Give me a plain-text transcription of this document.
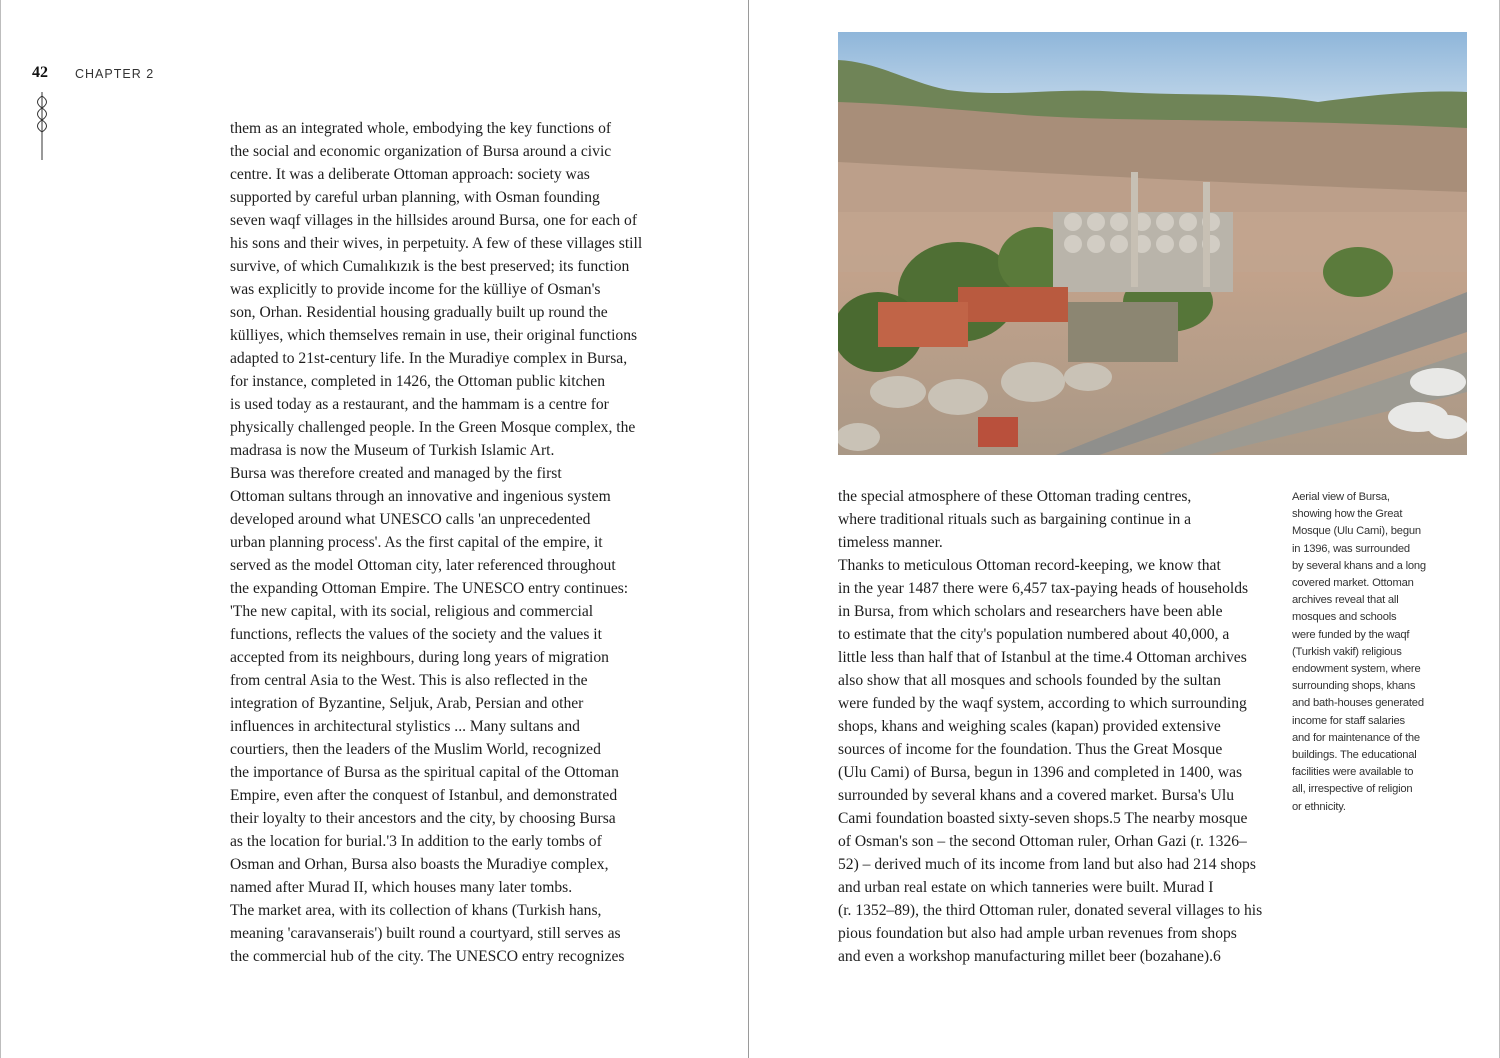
42 CHAPTER 2

them as an integrated whole, embodying the key functions of

the social and economic organization of Bursa around a civic

centre. It was a deliberate Ottoman approach: society was

supported by careful urban planning, with Osman founding

seven waqf villages in the hillsides around Bursa, one for each of

his sons and their wives, in perpetuity. A few of these villages still

survive, of which Cumalıkızık is the best preserved; its function

was explicitly to provide income for the külliye of Osman's

son, Orhan. Residential housing gradually built up round the

külliyes, which themselves remain in use, their original functions

adapted to 21st-century life. In the Muradiye complex in Bursa,

for instance, completed in 1426, the Ottoman public kitchen

is used today as a restaurant, and the hammam is a centre for

physically challenged people. In the Green Mosque complex, the

madrasa is now the Museum of Turkish Islamic Art.

Bursa was therefore created and managed by the first

Ottoman sultans through an innovative and ingenious system

developed around what UNESCO calls 'an unprecedented

urban planning process'. As the first capital of the empire, it

served as the model Ottoman city, later referenced throughout

the expanding Ottoman Empire. The UNESCO entry continues:

'The new capital, with its social, religious and commercial

functions, reflects the values of the society and the values it

accepted from its neighbours, during long years of migration

from central Asia to the West. This is also reflected in the

integration of Byzantine, Seljuk, Arab, Persian and other

influences in architectural stylistics ... Many sultans and

courtiers, then the leaders of the Muslim World, recognized

the importance of Bursa as the spiritual capital of the Ottoman

Empire, even after the conquest of Istanbul, and demonstrated

their loyalty to their ancestors and the city, by choosing Bursa

as the location for burial.'3 In addition to the early tombs of

Osman and Orhan, Bursa also boasts the Muradiye complex,

named after Murad II, which houses many later tombs.

The market area, with its collection of khans (Turkish hans,

meaning 'caravanserais') built round a courtyard, still serves as

the commercial hub of the city. The UNESCO entry recognizes

the special atmosphere of these Ottoman trading centres,

where traditional rituals such as bargaining continue in a

timeless manner.

Thanks to meticulous Ottoman record-keeping, we know that

in the year 1487 there were 6,457 tax-paying heads of households

in Bursa, from which scholars and researchers have been able

to estimate that the city's population numbered about 40,000, a

little less than half that of Istanbul at the time.4 Ottoman archives

also show that all mosques and schools founded by the sultan

were funded by the waqf system, according to which surrounding

shops, khans and weighing scales (kapan) provided extensive

sources of income for the foundation. Thus the Great Mosque

(Ulu Cami) of Bursa, begun in 1396 and completed in 1400, was

surrounded by several khans and a covered market. Bursa's Ulu

Cami foundation boasted sixty-seven shops.5 The nearby mosque

of Osman's son – the second Ottoman ruler, Orhan Gazi (r. 1326–

52) – derived much of its income from land but also had 214 shops

and urban real estate on which tanneries were built. Murad I

(r. 1352–89), the third Ottoman ruler, donated several villages to his

pious foundation but also had ample urban revenues from shops

and even a workshop manufacturing millet beer (bozahane).6

Aerial view of Bursa,

showing how the Great

Mosque (Ulu Cami), begun

in 1396, was surrounded

by several khans and a long

covered market. Ottoman

archives reveal that all

mosques and schools

were funded by the waqf

(Turkish vakif) religious

endowment system, where

surrounding shops, khans

and bath-houses generated

income for staff salaries

and for maintenance of the

buildings. The educational

facilities were available to

all, irrespective of religion

or ethnicity.
